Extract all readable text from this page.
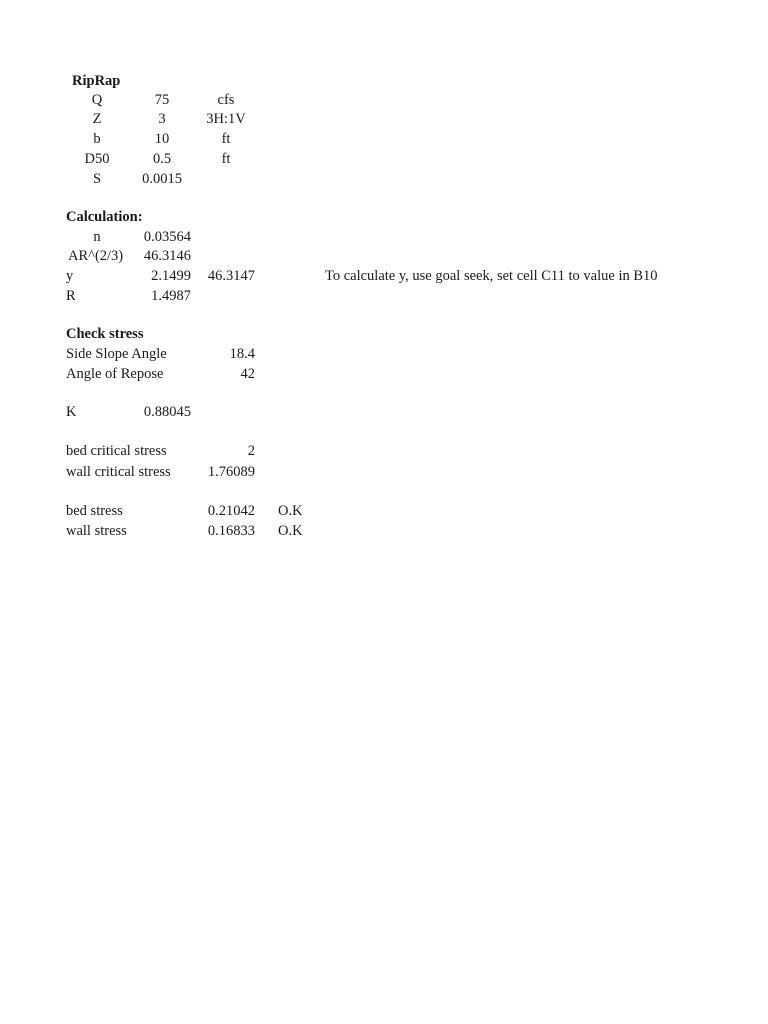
RipRap
Q	75	cfs
Z	3	3H:1V
b	10	ft
D50	0.5	ft
S	0.0015
Calculation:
n	0.03564
AR^(2/3) 46.3146
y	2.1499 46.3147	To calculate y, use goal seek, set cell C11 to value in B10
R	1.4987
Check stress
Side Slope Angle	18.4
Angle of Repose	42
K	0.88045
bed critical stress	2
wall critical stress	1.76089
bed stress	0.21042 O.K
wall stress	0.16833 O.K
